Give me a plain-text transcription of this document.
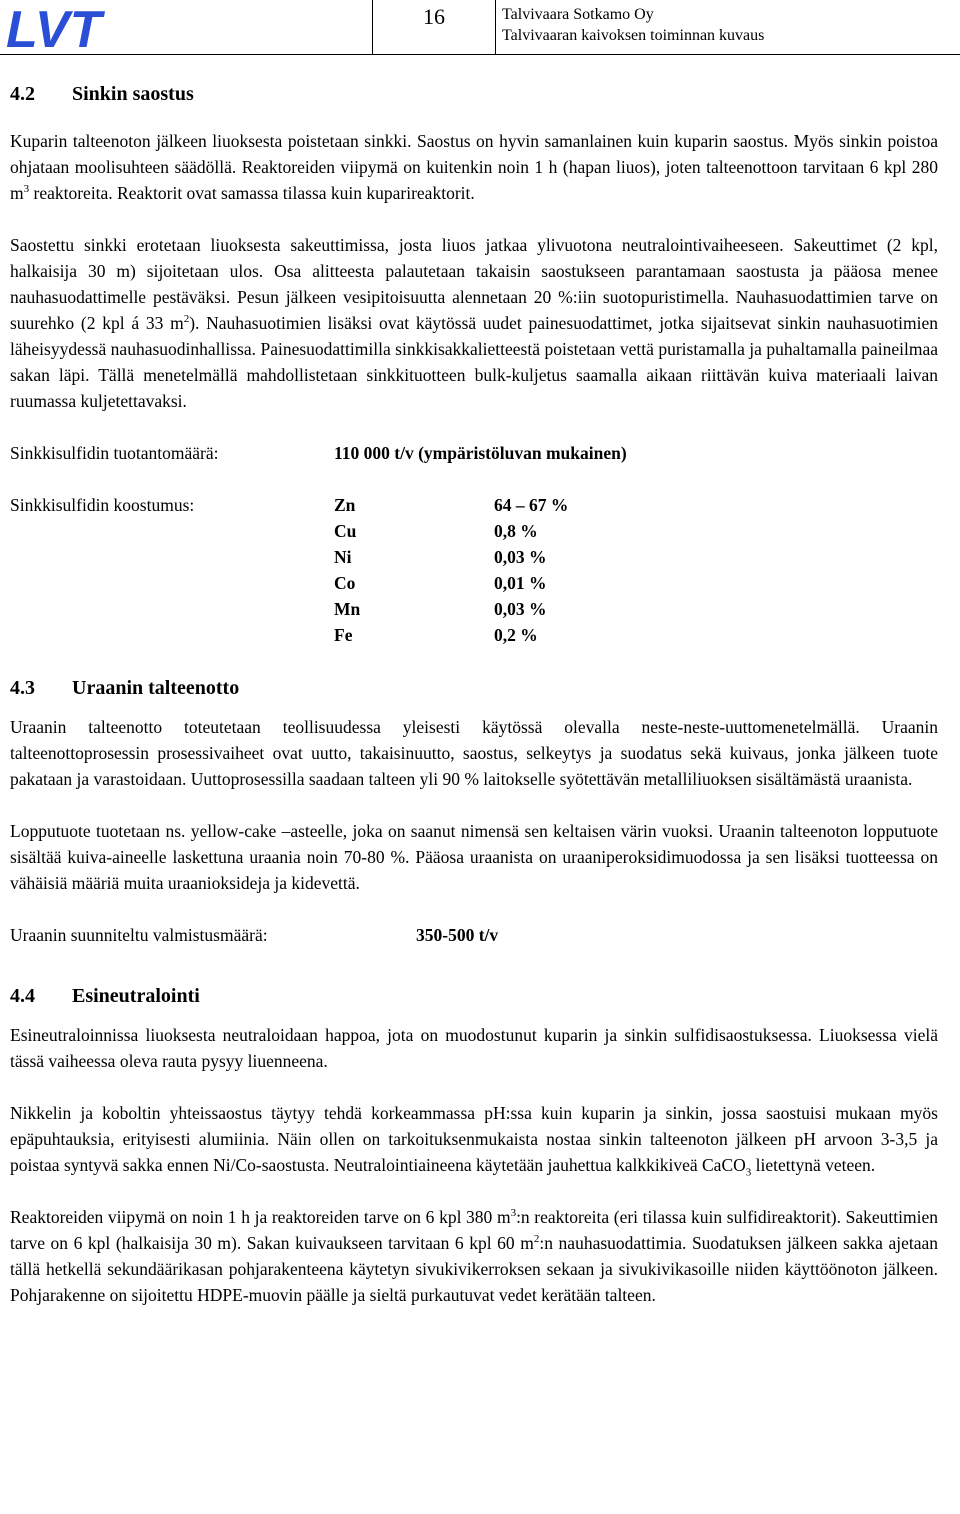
LVT	16	Talvivaara Sotkamo Oy
Talvivaaran kaivoksen toiminnan kuvaus
4.2 Sinkin saostus

Kuparin talteenoton jälkeen liuoksesta poistetaan sinkki. Saostus on hyvin samanlainen kuin kuparin saostus. Myös sinkin poistoa ohjataan moolisuhteen säädöllä. Reaktoreiden viipymä on kuitenkin noin 1 h (hapan liuos), joten talteenottoon tarvitaan 6 kpl 280 $m^3$ reaktoreita. Reaktorit ovat samassa tilassa kuin kuparireaktorit.

Saostettu sinkki erotetaan liuoksesta sakeuttimissa, josta liuos jatkaa ylivuotona neutralointivaiheeseen. Sakeuttimet (2 kpl, halkaisija 30 m) sijoitetaan ulos. Osa alitteesta palautetaan takaisin saostukseen parantamaan saostusta ja pääosa menee nauhasuodattimelle pestäväksi. Pesun jälkeen vesipitoisuutta alennetaan 20 %:iin suotopuristimella. Nauhasuodattimien tarve on suurehko (2 kpl á 33 $m^2$). Nauhasuotimien lisäksi ovat käytössä uudet painesuodattimet, jotka sijaitsevat sinkin nauhasuotimien läheisyydessä nauhasuodinhallissa. Painesuodattimilla sinkkisakkalietteestä poistetaan vettä puristamalla ja puhaltamalla paineilmaa sakan läpi. Tällä menetelmällä mahdollistetaan sinkkituotteen bulk-kuljetus saamalla aikaan riittävän kuiva materiaali laivan ruumassa kuljetettavaksi.

Sinkkisulfidin tuotantomäärä:	110 000 t/v (ympäristöluvan mukainen)
Sinkkisulfidin koostumus:	Zn	64 – 67 %
Cu	0,8 %
Ni	0,03 %
Co	0,01 %
Mn	0,03 %
Fe	0,2 %
4.3 Uraanin talteenotto

Uraanin talteenotto toteutetaan teollisuudessa yleisesti käytössä olevalla neste-neste-uuttomenetelmällä. Uraanin talteenottoprosessin prosessivaiheet ovat uutto, takaisinuutto, saostus, selkeytys ja suodatus sekä kuivaus, jonka jälkeen tuote pakataan ja varastoidaan. Uuttoprosessilla saadaan talteen yli 90 % laitokselle syötettävän metalliliuoksen sisältämästä uraanista.

Lopputuote tuotetaan ns. yellow-cake –asteelle, joka on saanut nimensä sen keltaisen värin vuoksi. Uraanin talteenoton lopputuote sisältää kuiva-aineelle laskettuna uraania noin 70-80 %. Pääosa uraanista on uraaniperoksidimuodossa ja sen lisäksi tuotteessa on vähäisiä määriä muita uraanioksideja ja kidevettä.

Uraanin suunniteltu valmistusmäärä:	350-500 t/v
4.4 Esineutralointi

Esineutraloinnissa liuoksesta neutraloidaan happoa, jota on muodostunut kuparin ja sinkin sulfidisaostuksessa. Liuoksessa vielä tässä vaiheessa oleva rauta pysyy liuenneena.

Nikkelin ja koboltin yhteissaostus täytyy tehdä korkeammassa pH:ssa kuin kuparin ja sinkin, jossa saostuisi mukaan myös epäpuhtauksia, erityisesti alumiinia. Näin ollen on tarkoituksenmukaista nostaa sinkin talteenoton jälkeen pH arvoon 3-3,5 ja poistaa syntyvä sakka ennen Ni/Co-saostusta. Neutralointiaineena käytetään jauhettua kalkkikiveä CaCO$_3$ lietettynä veteen.

Reaktoreiden viipymä on noin 1 h ja reaktoreiden tarve on 6 kpl 380 $m^3:n$ reaktoreita (eri tilassa kuin sulfidireaktorit). Sakeuttimien tarve on 6 kpl (halkaisija 30 m). Sakan kuivaukseen tarvitaan 6 kpl 60 $m^2:n$ nauhasuodattimia. Suodatuksen jälkeen sakka ajetaan tällä hetkellä sekundäärikasan pohjarakenteena käytetyn sivukivikerroksen sekaan ja sivukivikasoille niiden käyttöönoton jälkeen. Pohjarakenne on sijoitettu HDPE-muovin päälle ja sieltä purkautuvat vedet kerätään talteen.
